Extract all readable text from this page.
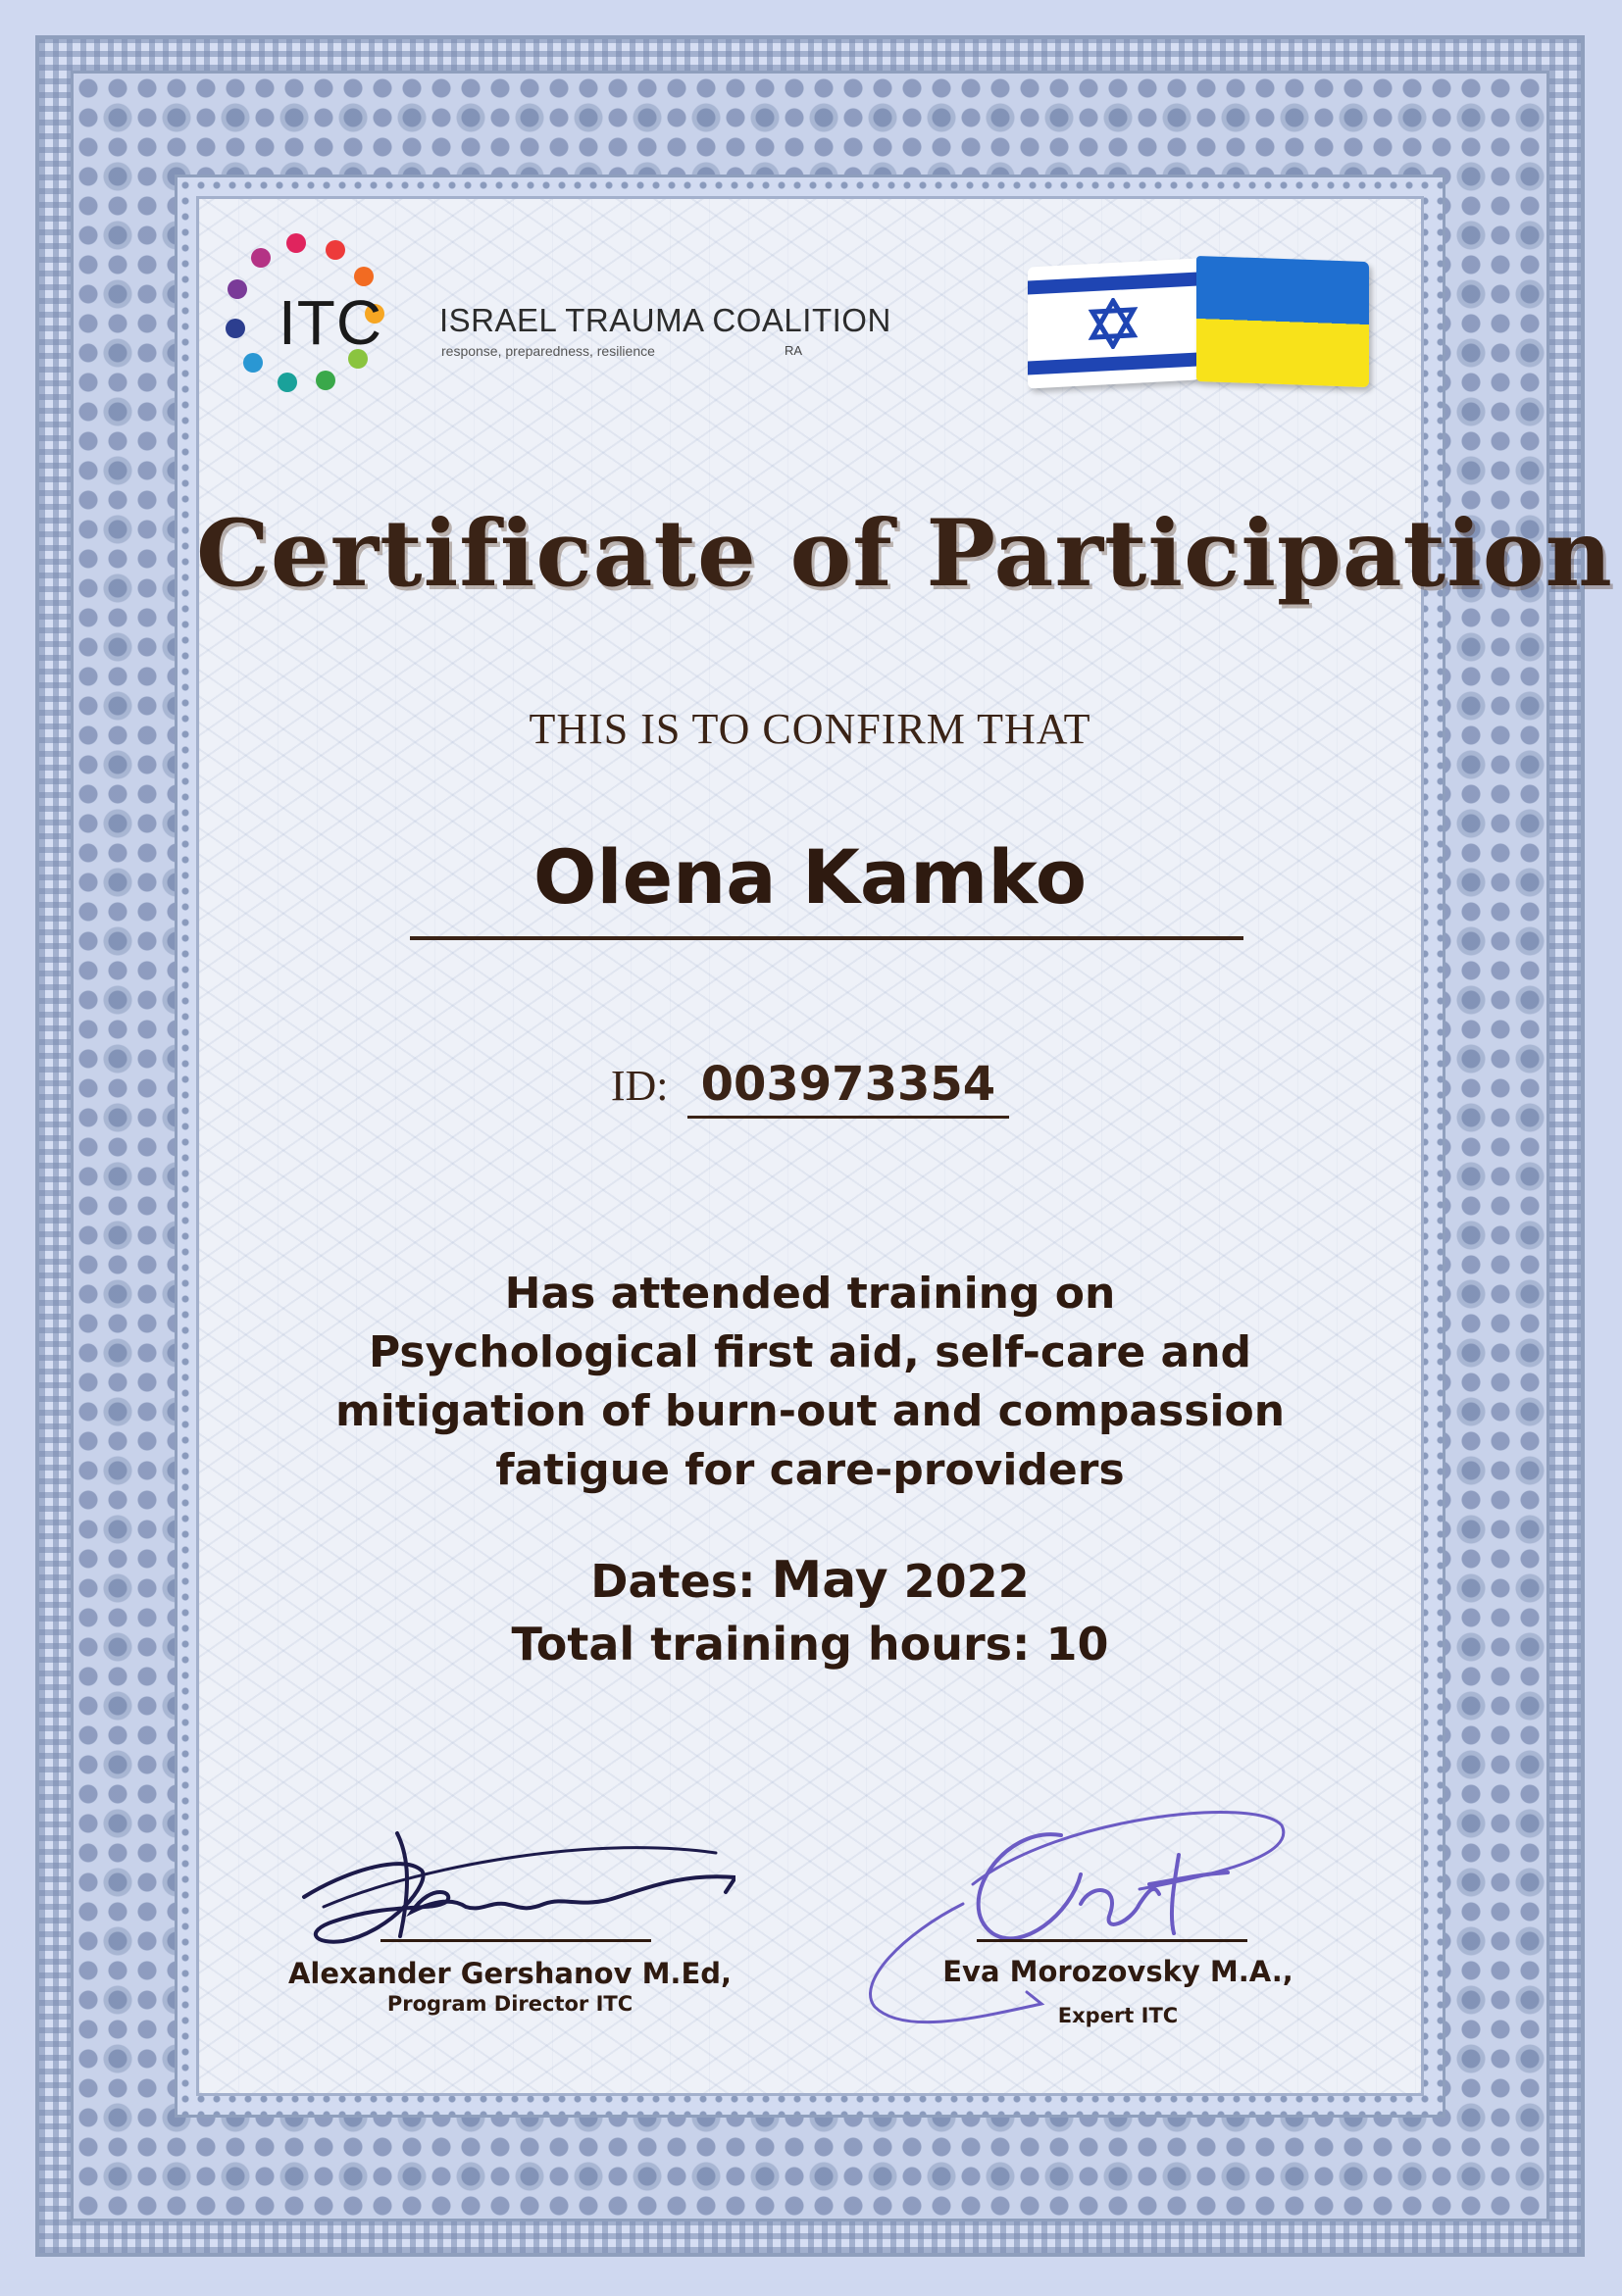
ITC ISRAEL TRAUMA COALITION
response, preparedness, resilience	RA
Certificate of Participation
THIS IS TO CONFIRM THAT
Olena Kamko
ID: 003973354
Has attended training on
Psychological first aid, self-care and
mitigation of burn-out and compassion
fatigue for care-providers
Dates: May 2022
Total training hours: 10
Alexander Gershanov M.Ed,
Program Director ITC
Eva Morozovsky M.A.,
Expert ITC
